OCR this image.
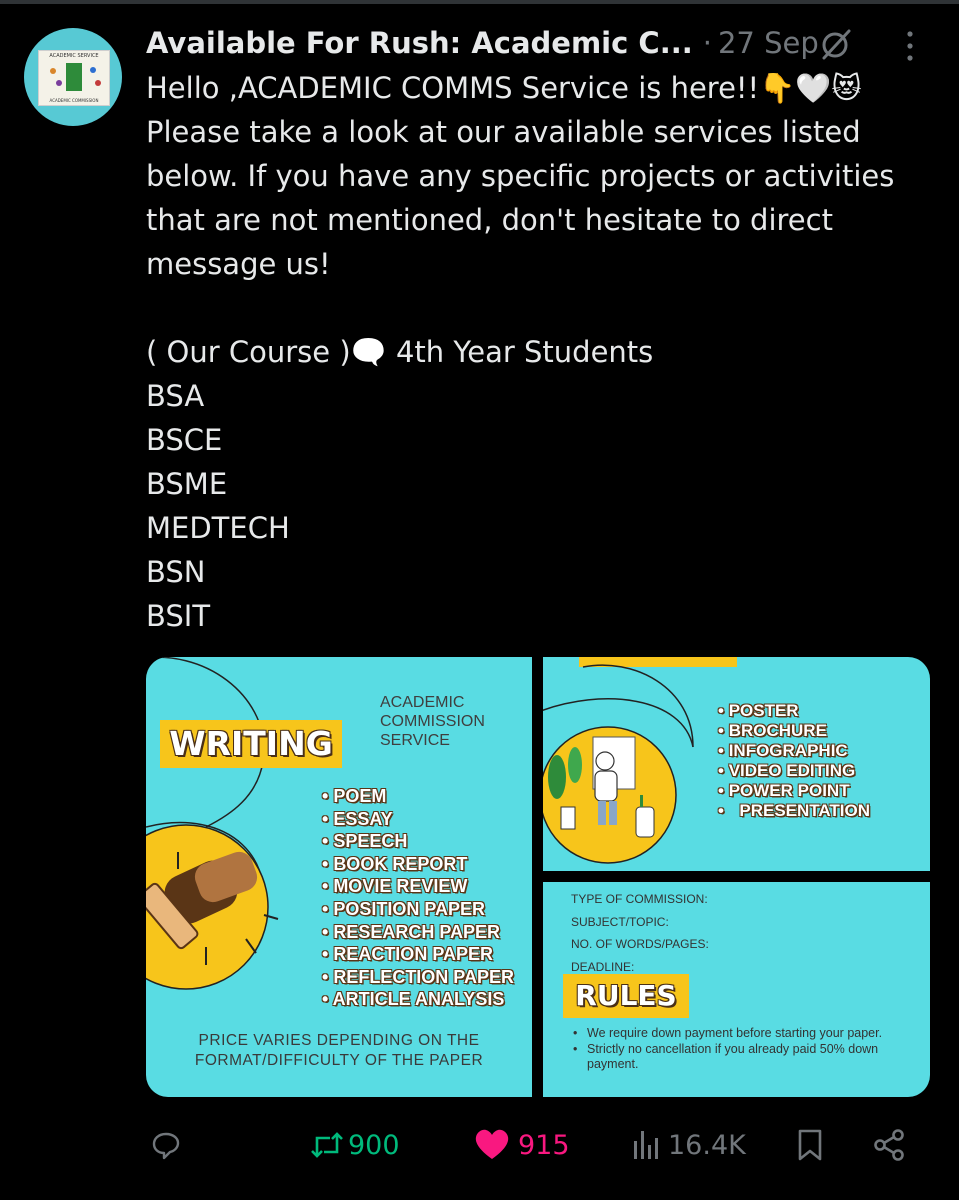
ACADEMIC SERVICE
ACADEMIC COMMISSION
Available For Rush: Academic C... · 27 Sep

Hello ,ACADEMIC COMMS Service is here!!👇🤍😻

Please take a look at our available services listed below. If you have any specific projects or activities that are not mentioned, don't hesitate to direct message us!

( Our Course )🗨️ 4th Year Students

BSA
BSCE
BSME
MEDTECH
BSN
BSIT
WRITING
ACADEMIC
COMMISSION
SERVICE
• POEM
• ESSAY
• SPEECH
• BOOK REPORT
• MOVIE REVIEW
• POSITION PAPER
• RESEARCH PAPER
• REACTION PAPER
• REFLECTION PAPER
• ARTICLE ANALYSIS
PRICE VARIES DEPENDING ON THE
FORMAT/DIFFICULTY OF THE PAPER
• POSTER
• BROCHURE
• INFOGRAPHIC
• VIDEO EDITING
• POWER POINT
• PRESENTATION
TYPE OF COMMISSION:
SUBJECT/TOPIC:
NO. OF WORDS/PAGES:
DEADLINE:
RULES
• We require down payment before starting your paper.
• Strictly no cancellation if you already paid 50% down payment.
900	915	16.4K
